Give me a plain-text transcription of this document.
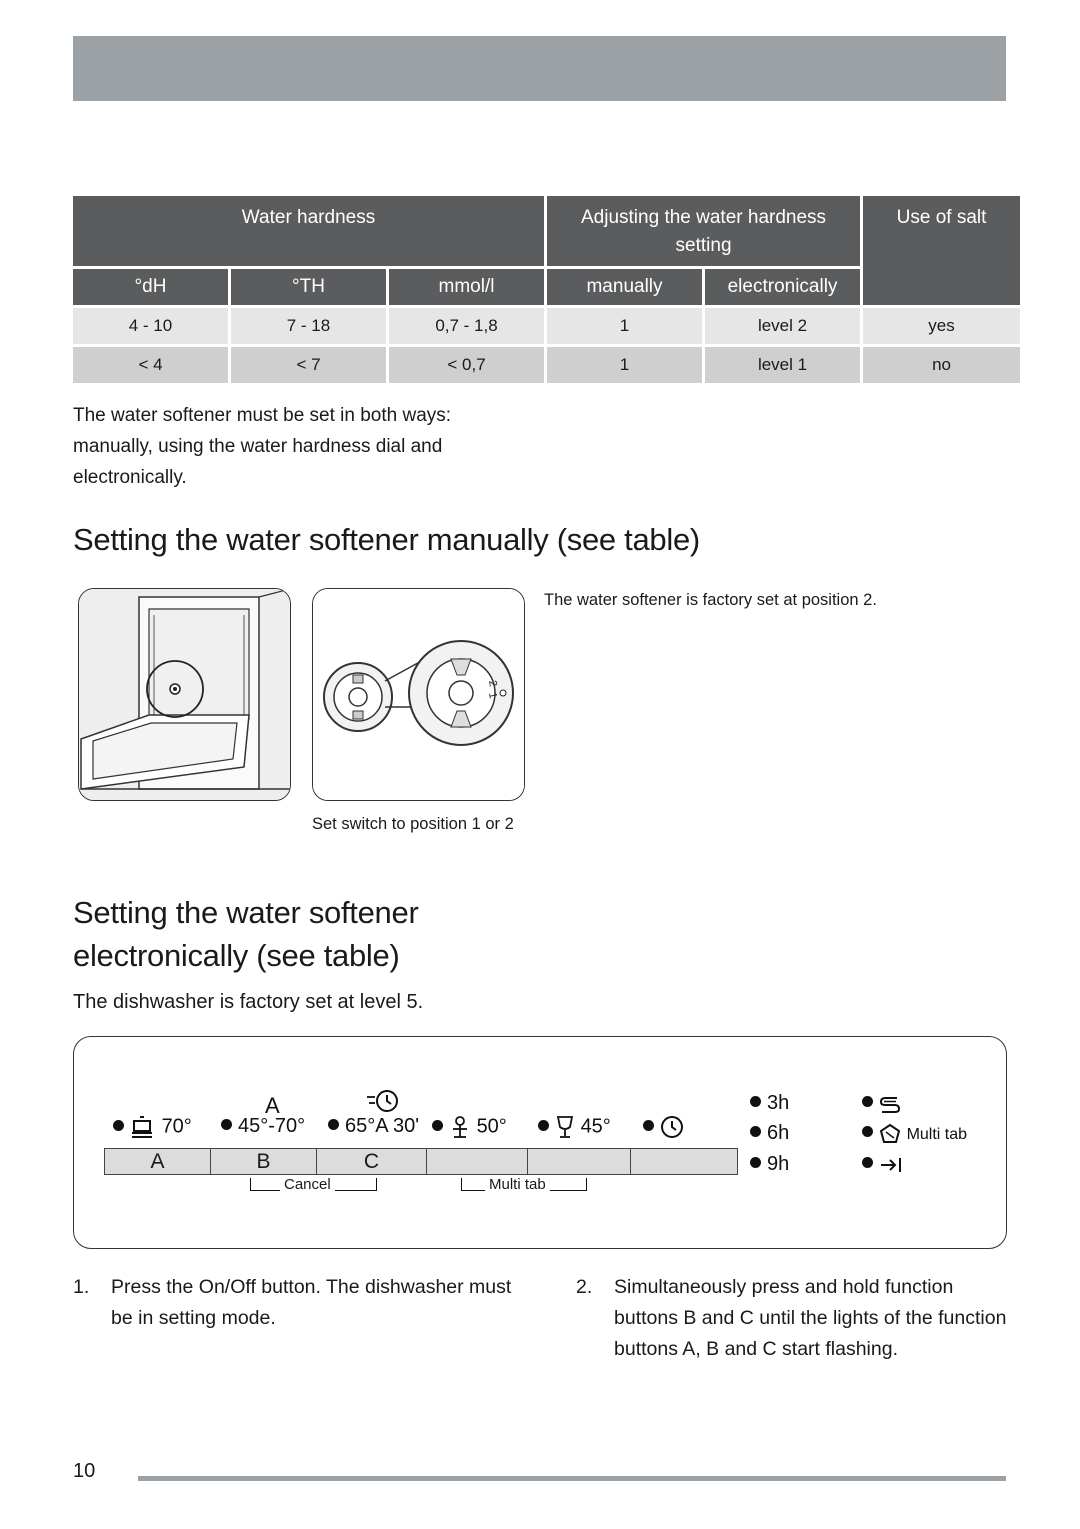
Water hardness			Adjusting the water hardness setting		Use of salt
°dH	°TH	mmol/l	manually	electronically	
4 - 10	7 - 18	0,7 - 1,8	1	level 2	yes
< 4	< 7	< 0,7	1	level 1	no
The water softener must be set in both ways: manually, using the water hardness dial and electronically.
Setting the water softener manually (see table)
2
1
The water softener is factory set at position 2.
Set switch to position 1 or 2
Setting the water softener electronically (see table)
The dishwasher is factory set at level 5.
A
70°	45°-70°	65°A 30'	50°	45°
A	B	C
Cancel	Multi tab
3h
6h
9h
Multi tab
1. Press the On/Off button. The dishwasher must be in setting mode.
2. Simultaneously press and hold function buttons B and C until the lights of the function buttons A, B and C start flashing.
10
